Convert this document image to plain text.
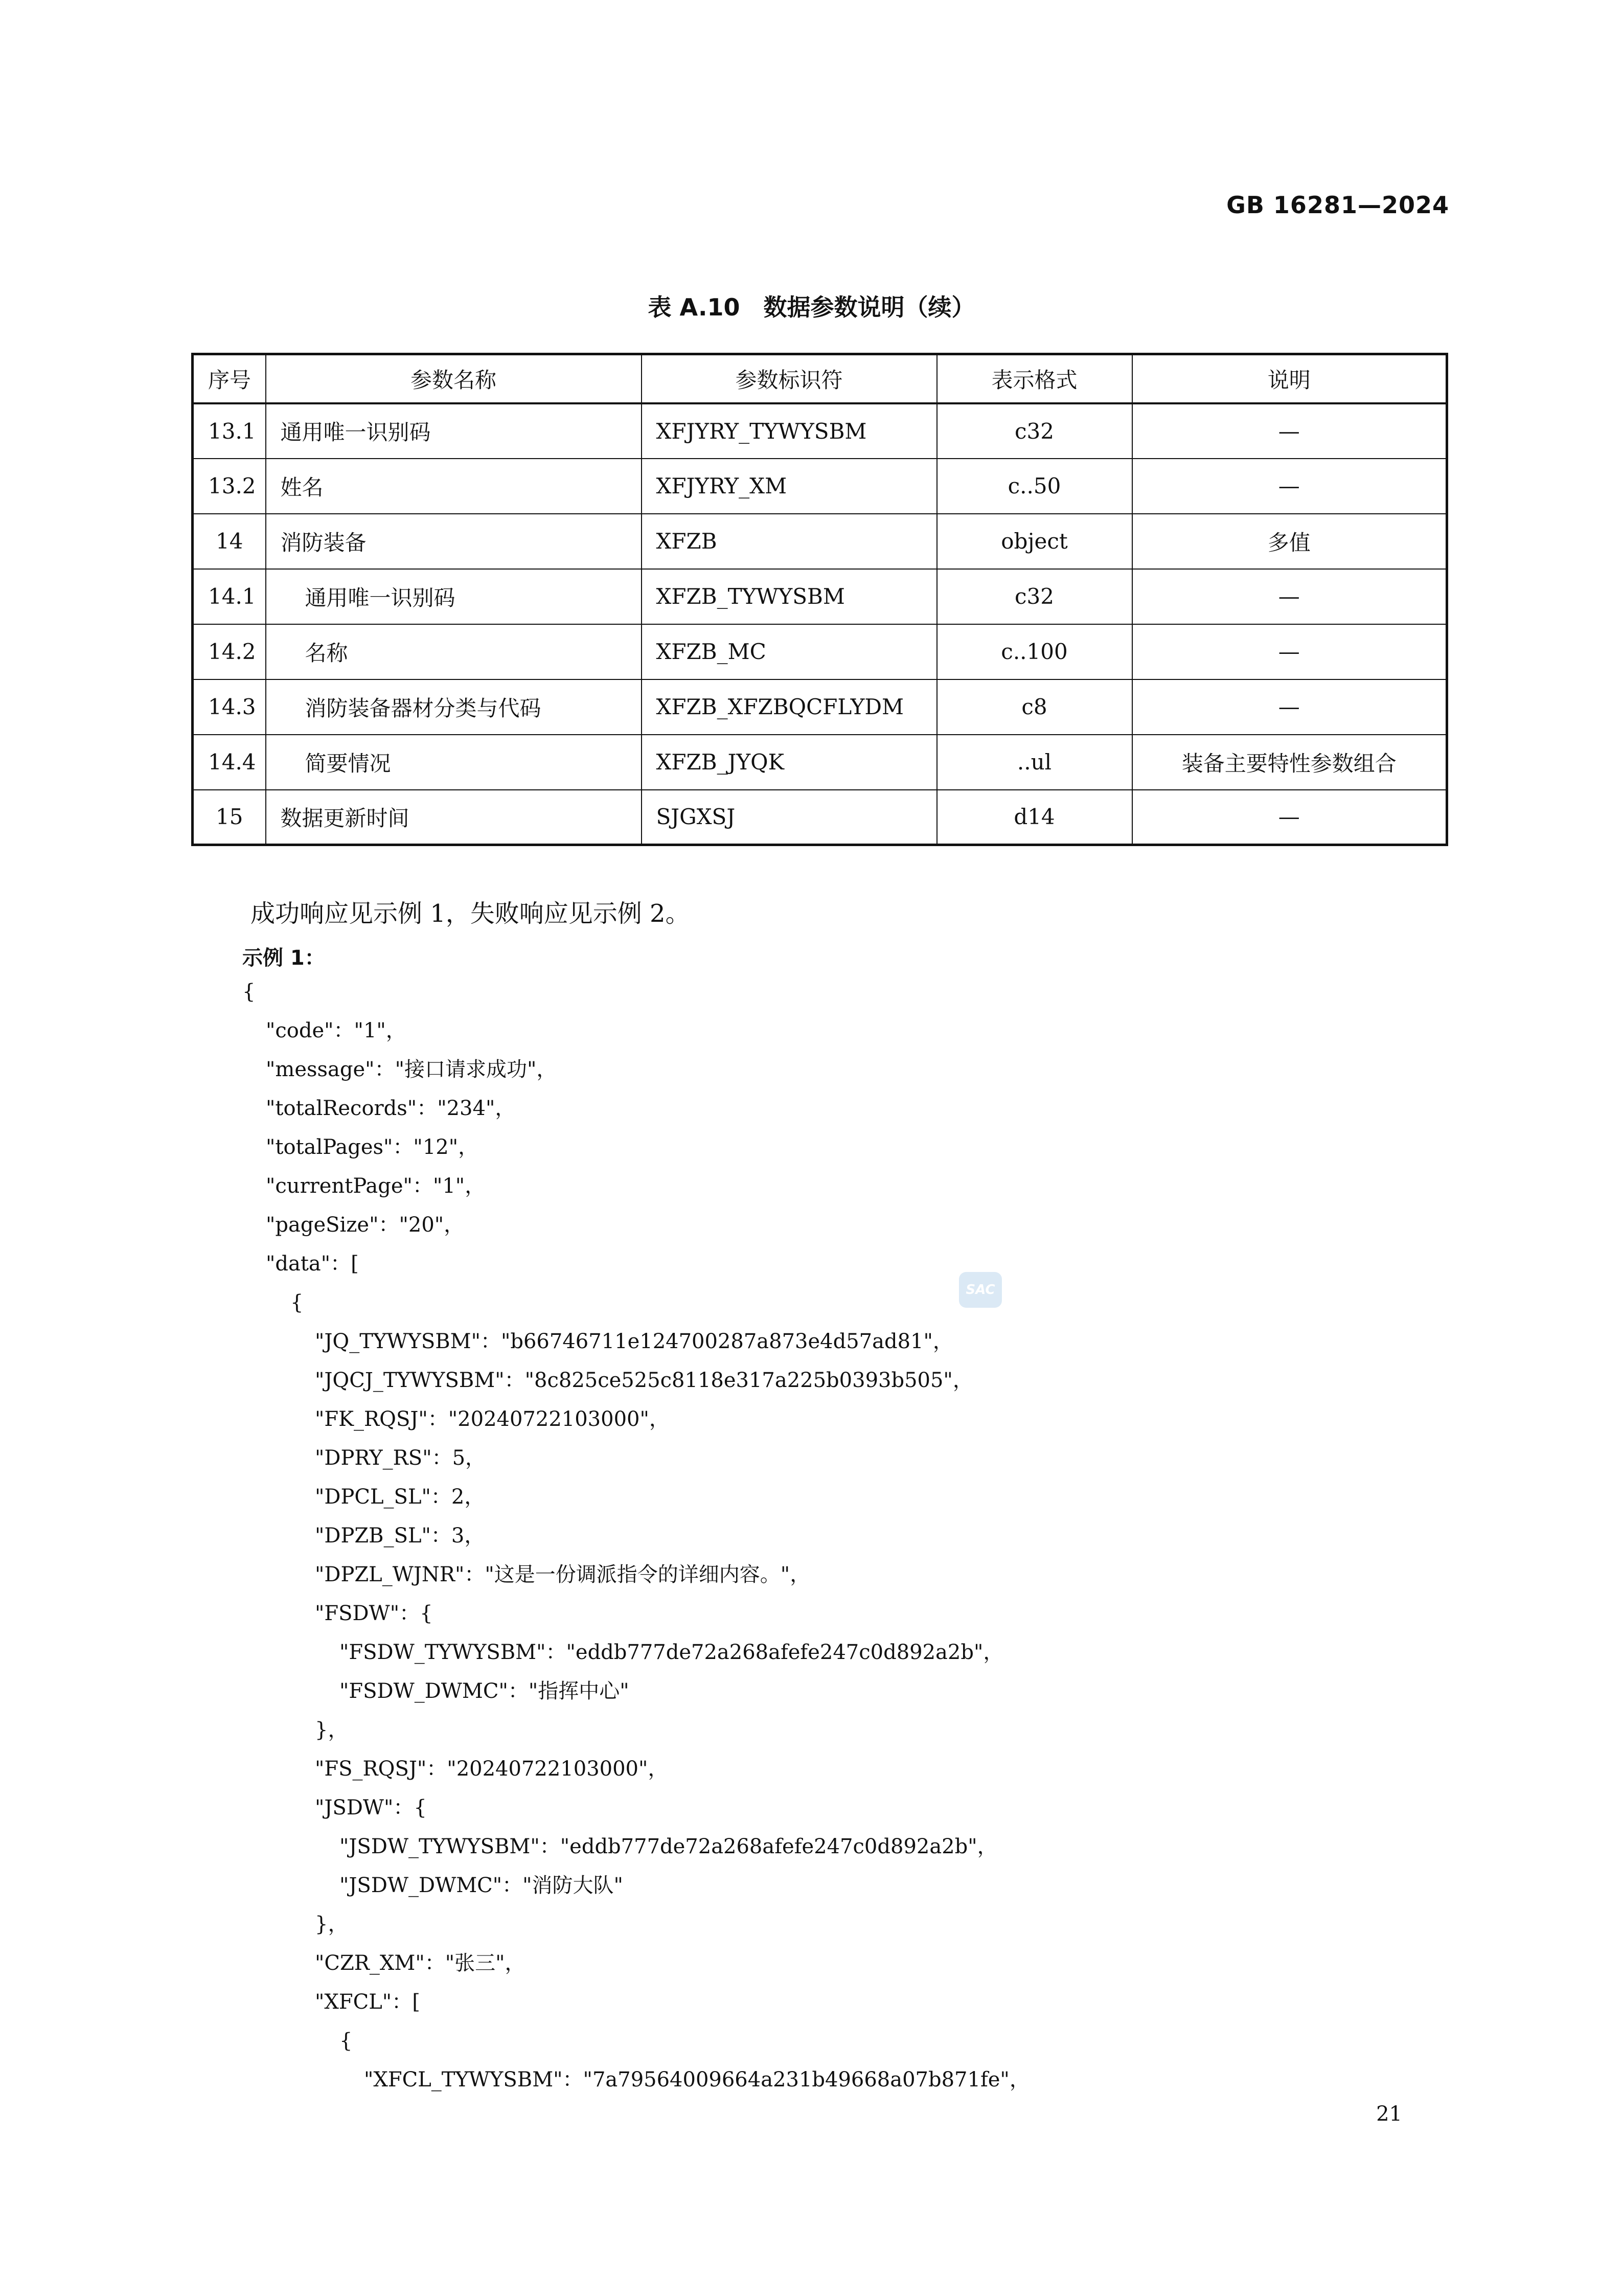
GB 16281—2024
表 A.10 数据参数说明（续）
序号	参数名称	参数标识符	表示格式	说明
13.1	通用唯一识别码	XFJYRY_TYWYSBM	c32	—
13.2	姓名	XFJYRY_XM	c..50	—
14	消防装备	XFZB	object	多值
14.1	通用唯一识别码	XFZB_TYWYSBM	c32	—
14.2	名称	XFZB_MC	c..100	—
14.3	消防装备器材分类与代码	XFZB_XFZBQCFLYDM	c8	—
14.4	简要情况	XFZB_JYQK	..ul	装备主要特性参数组合
15	数据更新时间	SJGXSJ	d14	—
成功响应见示例 1，失败响应见示例 2。
示例 1：
{
"code"："1"，
"message"："接口请求成功"，
"totalRecords"："234"，
"totalPages"："12"，
"currentPage"："1"，
"pageSize"："20"，
"data"：[
{
"JQ_TYWYSBM"："b66746711e124700287a873e4d57ad81"，
"JQCJ_TYWYSBM"："8c825ce525c8118e317a225b0393b505"，
"FK_RQSJ"："20240722103000"，
"DPRY_RS"：5，
"DPCL_SL"：2，
"DPZB_SL"：3，
"DPZL_WJNR"："这是一份调派指令的详细内容。"，
"FSDW"：{
"FSDW_TYWYSBM"："eddb777de72a268afefe247c0d892a2b"，
"FSDW_DWMC"："指挥中心"
}，
"FS_RQSJ"："20240722103000"，
"JSDW"：{
"JSDW_TYWYSBM"："eddb777de72a268afefe247c0d892a2b"，
"JSDW_DWMC"："消防大队"
}，
"CZR_XM"："张三"，
"XFCL"：[
{
"XFCL_TYWYSBM"："7a79564009664a231b49668a07b871fe"，
SAC
21
